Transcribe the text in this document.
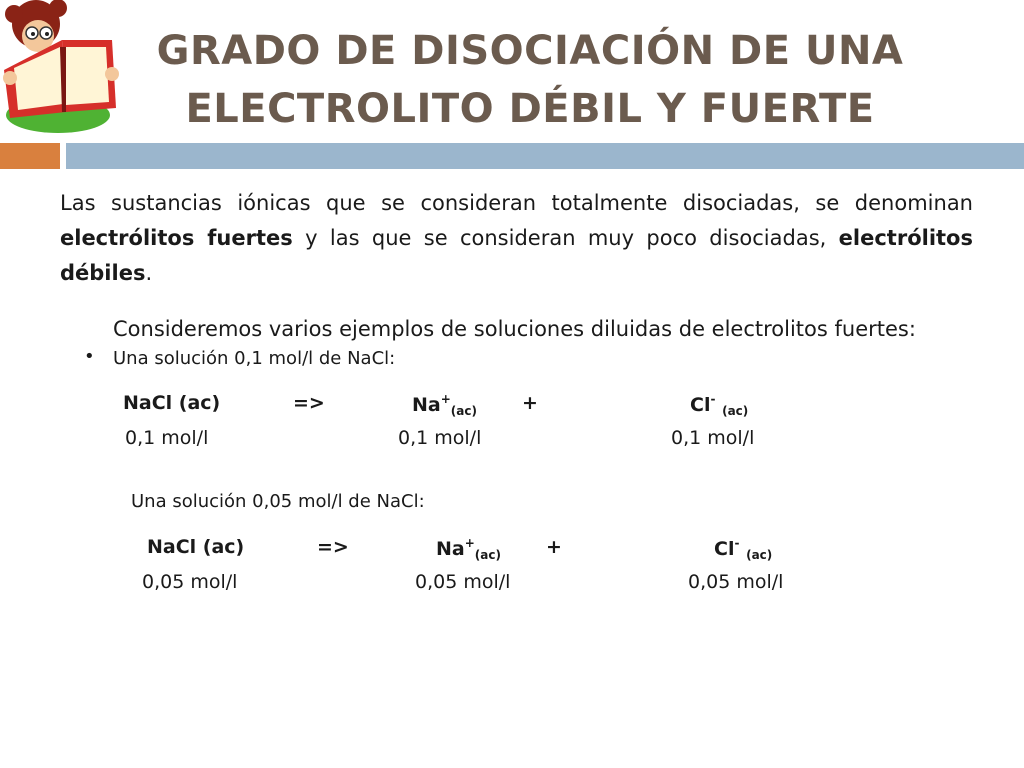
GRADO DE DISOCIACIÓN DE UNA
ELECTROLITO DÉBIL Y FUERTE

Las sustancias iónicas que se consideran totalmente disociadas, se denominan electrólitos fuertes y las que se consideran muy poco disociadas, electrólitos débiles.

Consideremos varios ejemplos de soluciones diluidas de electrolitos fuertes:
• Una solución 0,1 mol/l de NaCl:
NaCl (ac)	=>	$Na^+_{(ac)}$ +	Cl- $_{(ac)}$
0,1 mol/l	0,1 mol/l	0,1 mol/l
Una solución 0,05 mol/l de NaCl:
NaCl (ac)	=>	$Na^+_{(ac)}$ +	Cl- $_{(ac)}$
0,05 mol/l	0,05 mol/l	0,05 mol/l
